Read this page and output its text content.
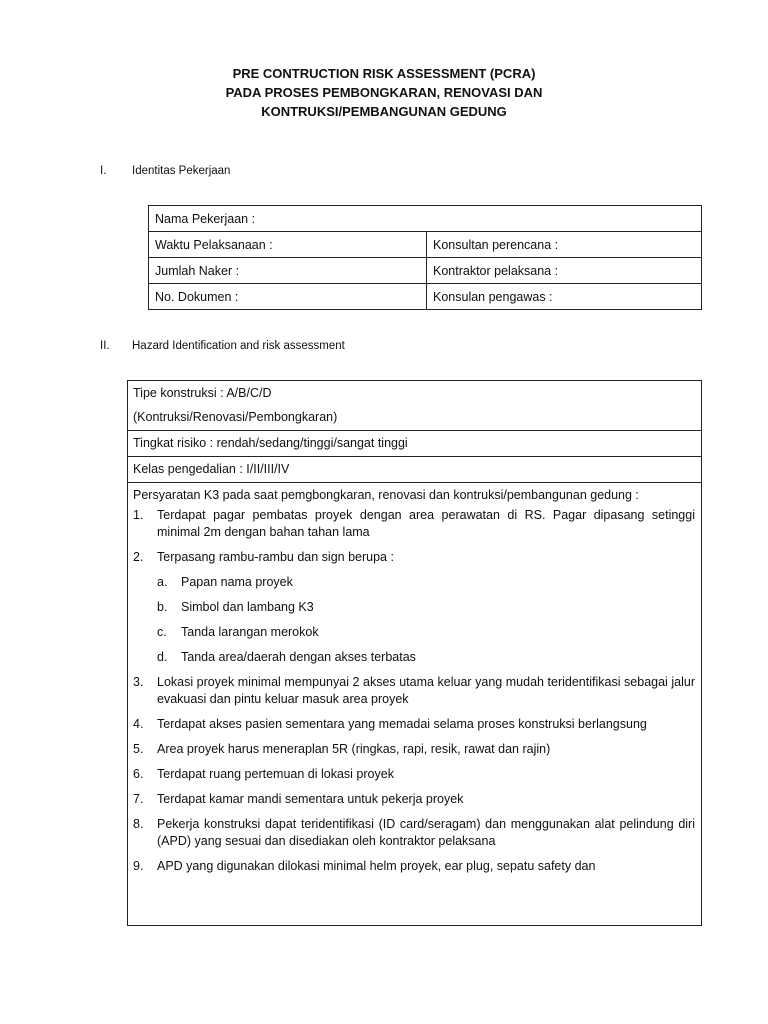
PRE CONTRUCTION RISK ASSESSMENT (PCRA)
PADA PROSES PEMBONGKARAN, RENOVASI DAN
KONTRUKSI/PEMBANGUNAN GEDUNG
I. Identitas Pekerjaan
Nama Pekerjaan :	
Waktu Pelaksanaan :	Konsultan perencana :
Jumlah Naker :	Kontraktor pelaksana :
No. Dokumen :	Konsulan pengawas :
II. Hazard Identification and risk assessment
Tipe konstruksi : A/B/C/D
(Kontruksi/Renovasi/Pembongkaran)
Tingkat risiko : rendah/sedang/tinggi/sangat tinggi
Kelas pengedalian : I/II/III/IV
Persyaratan K3 pada saat pemgbongkaran, renovasi dan kontruksi/pembangunan gedung :
1. Terdapat pagar pembatas proyek dengan area perawatan di RS. Pagar dipasang setinggi minimal 2m dengan bahan tahan lama
2. Terpasang rambu-rambu dan sign berupa :
a. Papan nama proyek
b. Simbol dan lambang K3
c. Tanda larangan merokok
d. Tanda area/daerah dengan akses terbatas
3. Lokasi proyek minimal mempunyai 2 akses utama keluar yang mudah teridentifikasi sebagai jalur evakuasi dan pintu keluar masuk area proyek
4. Terdapat akses pasien sementara yang memadai selama proses konstruksi berlangsung
5. Area proyek harus meneraplan 5R (ringkas, rapi, resik, rawat dan rajin)
6. Terdapat ruang pertemuan di lokasi proyek
7. Terdapat kamar mandi sementara untuk pekerja proyek
8. Pekerja konstruksi dapat teridentifikasi (ID card/seragam) dan menggunakan alat pelindung diri (APD) yang sesuai dan disediakan oleh kontraktor pelaksana
9. APD yang digunakan dilokasi minimal helm proyek, ear plug, sepatu safety dan
